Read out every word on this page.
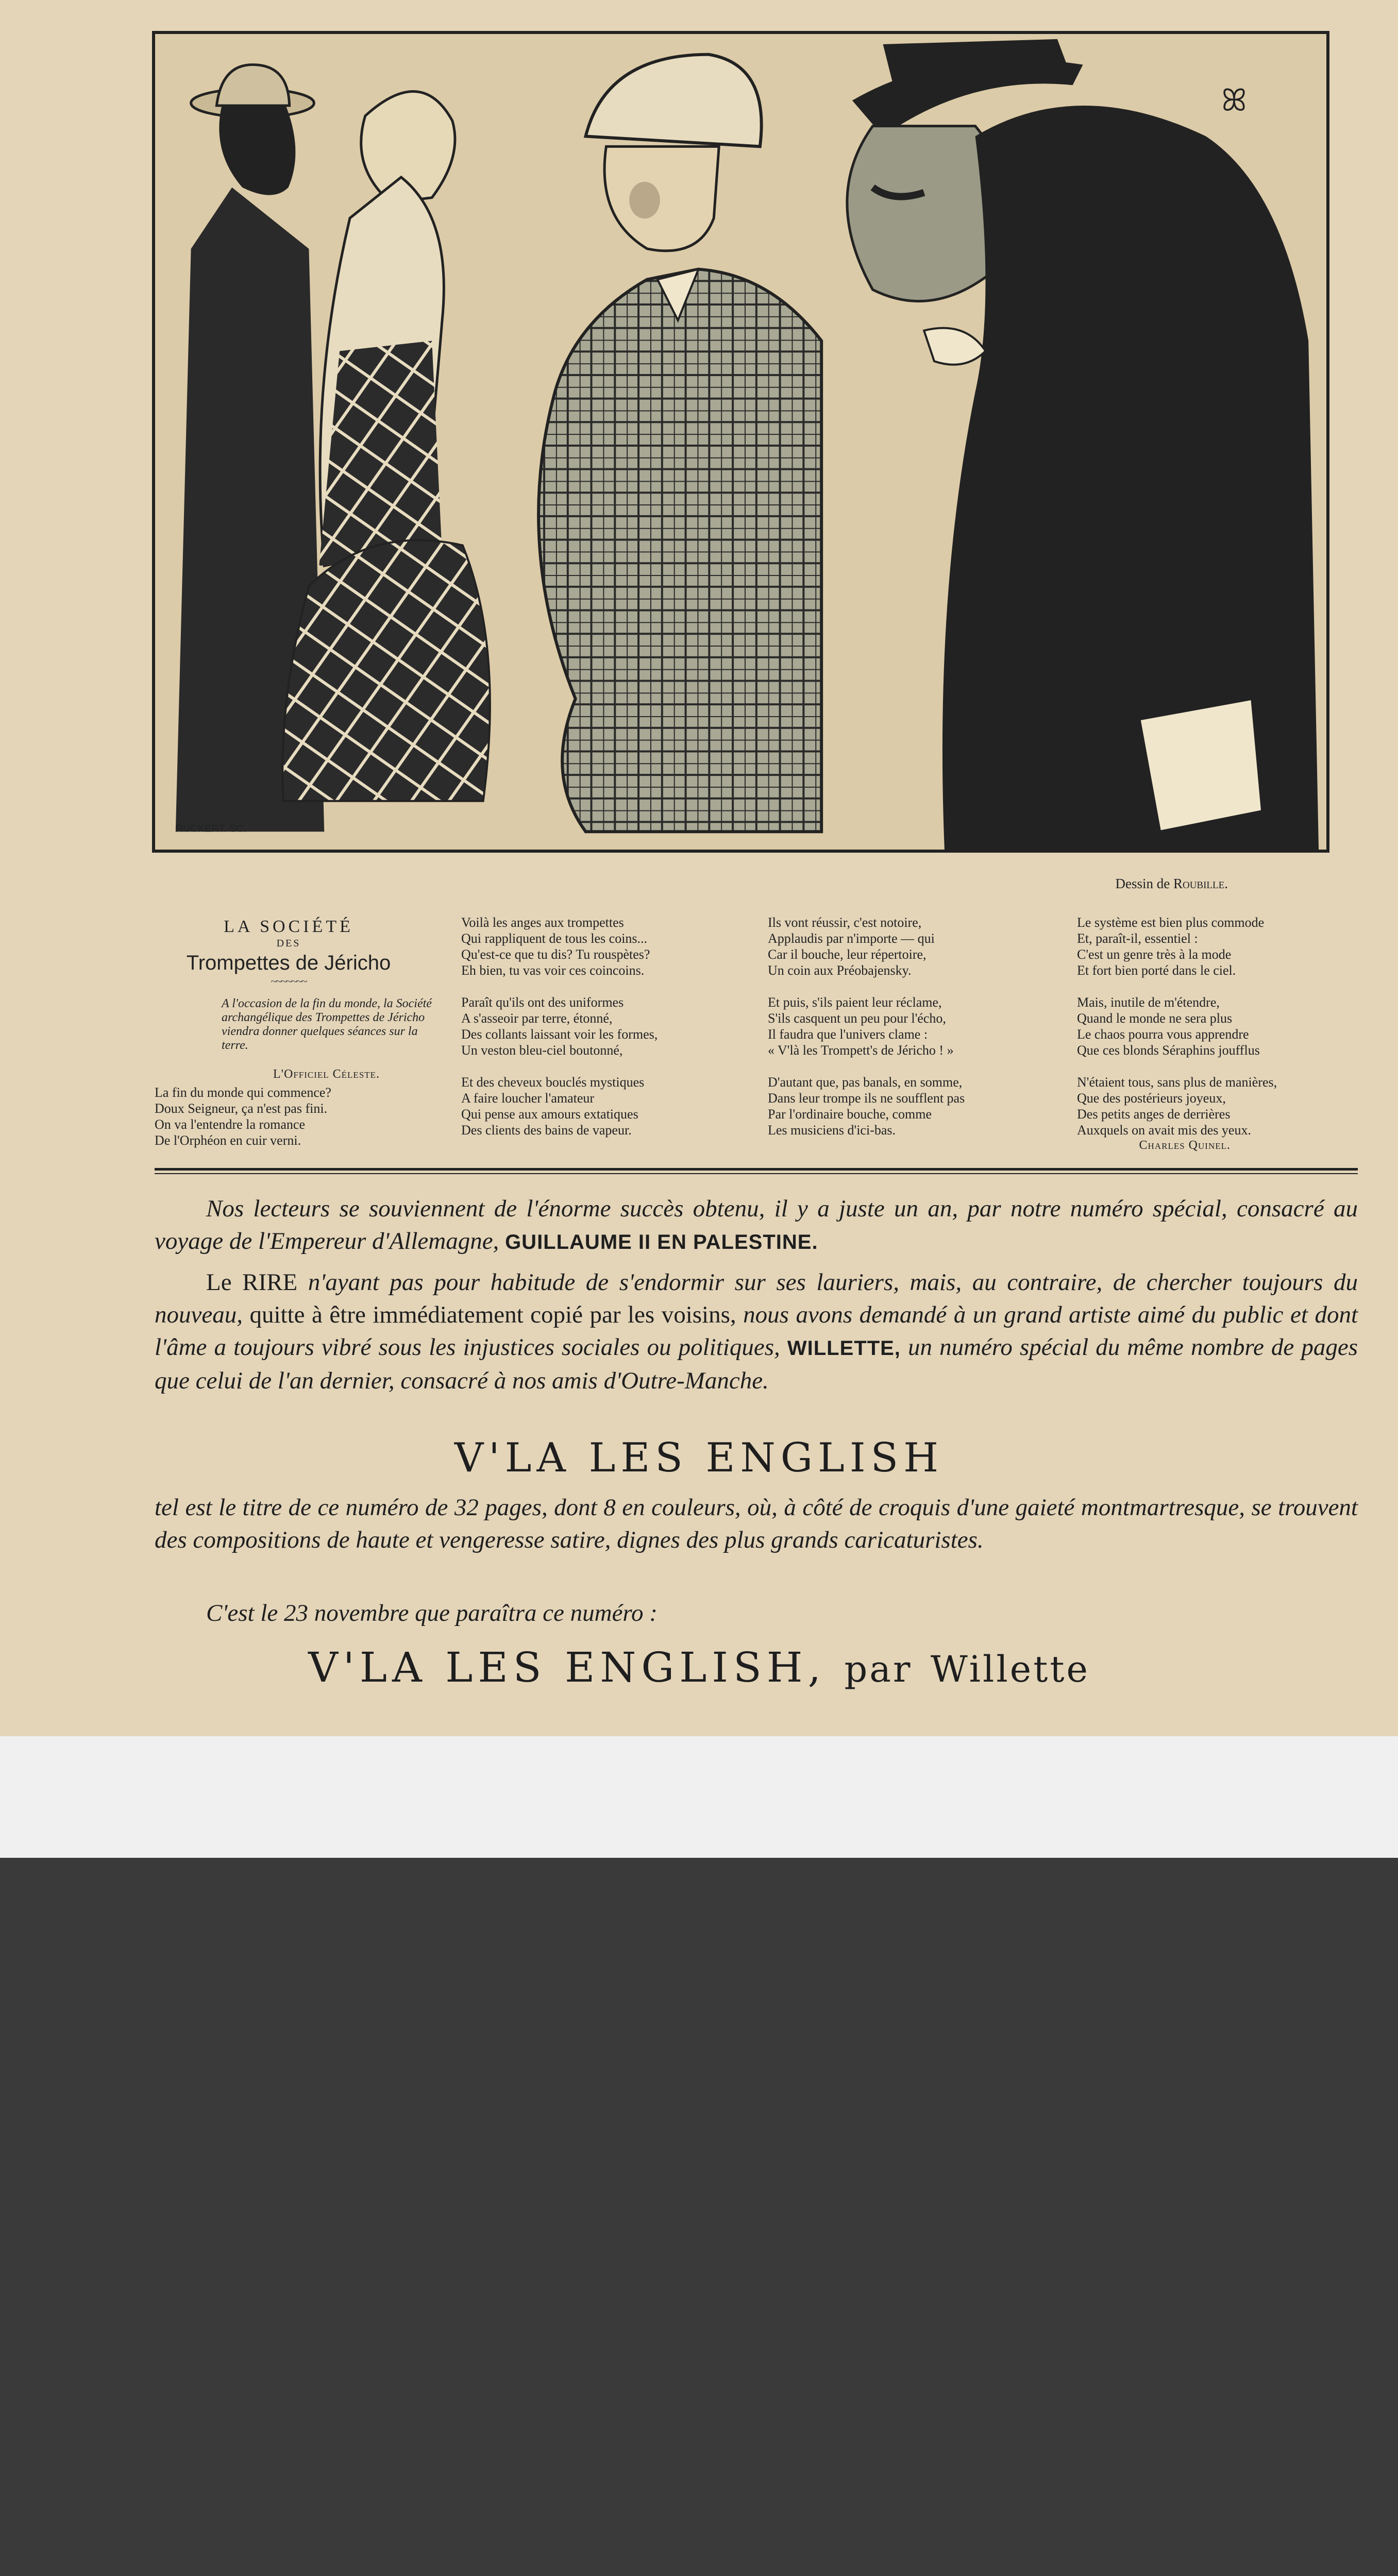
ꕤ
RUCKERT. SC.
Dessin de Roubille.
LA SOCIÉTÉ
DES
Trompettes de Jéricho
~~~~~~~
A l'occasion de la fin du monde, la Société archangélique des Trompettes de Jéricho viendra donner quelques séances sur la terre.
L'Officiel Céleste.
La fin du monde qui commence?
Doux Seigneur, ça n'est pas fini.
On va l'entendre la romance
De l'Orphéon en cuir verni.
Voilà les anges aux trompettes
Qui rappliquent de tous les coins...
Qu'est-ce que tu dis? Tu rouspètes?
Eh bien, tu vas voir ces coincoins.

Paraît qu'ils ont des uniformes
A s'asseoir par terre, étonné,
Des collants laissant voir les formes,
Un veston bleu-ciel boutonné,

Et des cheveux bouclés mystiques
A faire loucher l'amateur
Qui pense aux amours extatiques
Des clients des bains de vapeur.
Ils vont réussir, c'est notoire,
Applaudis par n'importe — qui
Car il bouche, leur répertoire,
Un coin aux Préobajensky.

Et puis, s'ils paient leur réclame,
S'ils casquent un peu pour l'écho,
Il faudra que l'univers clame :
« V'là les Trompett's de Jéricho ! »

D'autant que, pas banals, en somme,
Dans leur trompe ils ne soufflent pas
Par l'ordinaire bouche, comme
Les musiciens d'ici-bas.
Le système est bien plus commode
Et, paraît-il, essentiel :
C'est un genre très à la mode
Et fort bien porté dans le ciel.

Mais, inutile de m'étendre,
Quand le monde ne sera plus
Le chaos pourra vous apprendre
Que ces blonds Séraphins joufflus

N'étaient tous, sans plus de manières,
Que des postérieurs joyeux,
Des petits anges de derrières
Auxquels on avait mis des yeux.
Charles Quinel.
Nos lecteurs se souviennent de l'énorme succès obtenu, il y a juste un an, par notre numéro spécial, consacré au voyage de l'Empereur d'Allemagne, GUILLAUME II EN PALESTINE.
Le RIRE n'ayant pas pour habitude de s'endormir sur ses lauriers, mais, au contraire, de chercher toujours du nouveau, quitte à être immédiatement copié par les voisins, nous avons demandé à un grand artiste aimé du public et dont l'âme a toujours vibré sous les injustices sociales ou politiques, WILLETTE, un numéro spécial du même nombre de pages que celui de l'an dernier, consacré à nos amis d'Outre-Manche.
V'LA LES ENGLISH
tel est le titre de ce numéro de 32 pages, dont 8 en couleurs, où, à côté de croquis d'une gaieté montmartresque, se trouvent des compositions de haute et vengeresse satire, dignes des plus grands caricaturistes.
C'est le 23 novembre que paraîtra ce numéro :
V'LA LES ENGLISH, par Willette
